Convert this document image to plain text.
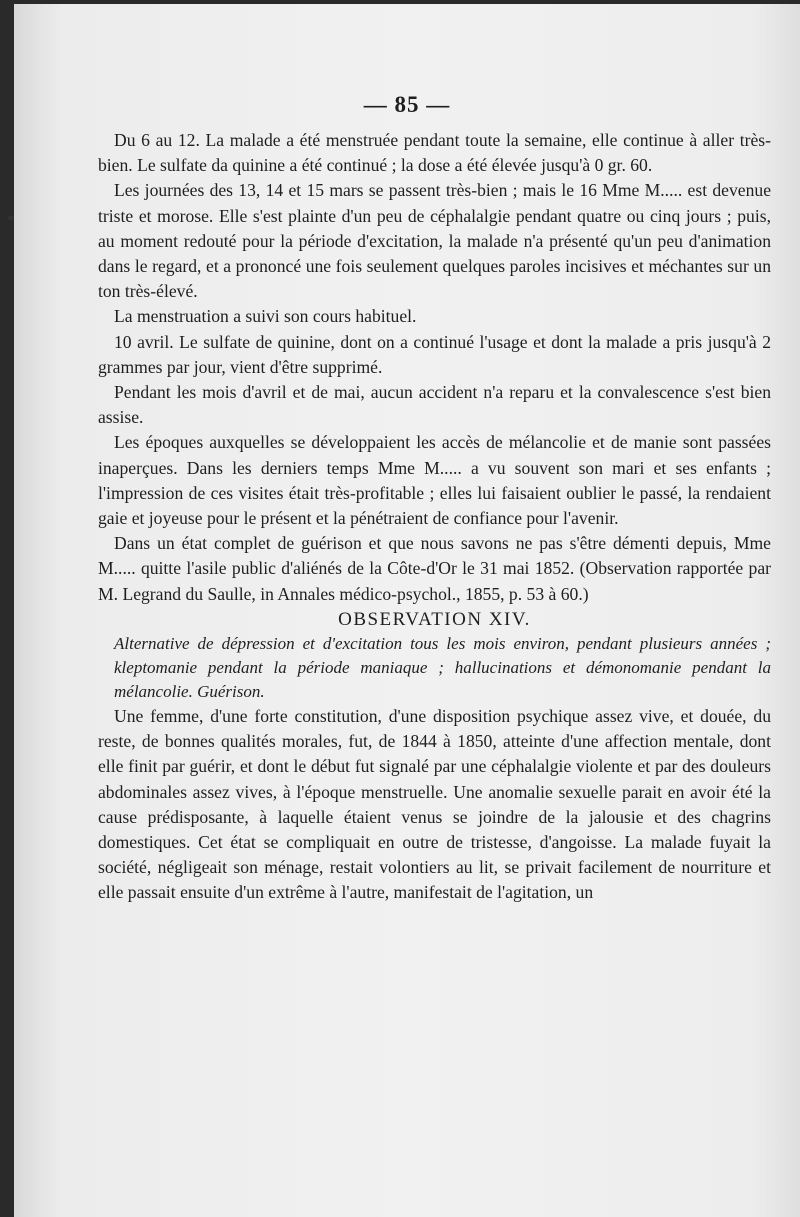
— 85 —

Du 6 au 12. La malade a été menstruée pendant toute la semaine, elle continue à aller très-bien. Le sulfate da quinine a été continué ; la dose a été élevée jusqu'à 0 gr. 60.

Les journées des 13, 14 et 15 mars se passent très-bien ; mais le 16 Mme M..... est devenue triste et morose. Elle s'est plainte d'un peu de céphalalgie pendant quatre ou cinq jours ; puis, au moment redouté pour la période d'excitation, la malade n'a présenté qu'un peu d'animation dans le regard, et a prononcé une fois seulement quelques paroles incisives et méchantes sur un ton très-élevé.

La menstruation a suivi son cours habituel.

10 avril. Le sulfate de quinine, dont on a continué l'usage et dont la malade a pris jusqu'à 2 grammes par jour, vient d'être supprimé.

Pendant les mois d'avril et de mai, aucun accident n'a reparu et la convalescence s'est bien assise.

Les époques auxquelles se développaient les accès de mélancolie et de manie sont passées inaperçues. Dans les derniers temps Mme M..... a vu souvent son mari et ses enfants ; l'impression de ces visites était très-profitable ; elles lui faisaient oublier le passé, la rendaient gaie et joyeuse pour le présent et la pénétraient de confiance pour l'avenir.

Dans un état complet de guérison et que nous savons ne pas s'être démenti depuis, Mme M..... quitte l'asile public d'aliénés de la Côte-d'Or le 31 mai 1852. (Observation rapportée par M. Legrand du Saulle, in Annales médico-psychol., 1855, p. 53 à 60.)

OBSERVATION XIV.

Alternative de dépression et d'excitation tous les mois environ, pendant plusieurs années ; kleptomanie pendant la période maniaque ; hallucinations et démonomanie pendant la mélancolie. Guérison.

Une femme, d'une forte constitution, d'une disposition psychique assez vive, et douée, du reste, de bonnes qualités morales, fut, de 1844 à 1850, atteinte d'une affection mentale, dont elle finit par guérir, et dont le début fut signalé par une céphalalgie violente et par des douleurs abdominales assez vives, à l'époque menstruelle. Une anomalie sexuelle parait en avoir été la cause prédisposante, à laquelle étaient venus se joindre de la jalousie et des chagrins domestiques. Cet état se compliquait en outre de tristesse, d'angoisse. La malade fuyait la société, négligeait son ménage, restait volontiers au lit, se privait facilement de nourriture et elle passait ensuite d'un extrême à l'autre, manifestait de l'agitation, un
